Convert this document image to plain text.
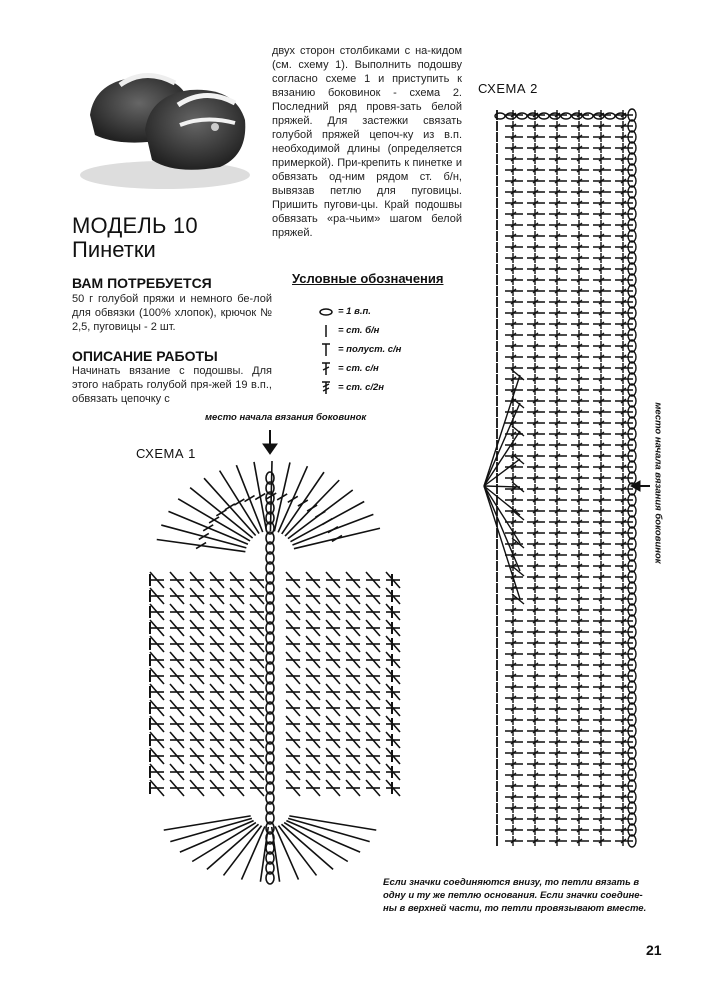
МОДЕЛЬ 10
Пинетки
двух сторон столбиками с на-кидом (см. схему 1). Выполнить подошву согласно схеме 1 и приступить к вязанию боковинок - схема 2. Последний ряд провя-зать белой пряжей. Для застежки связать голубой пряжей цепоч-ку из в.п. необходимой длины (определяется примеркой). При-крепить к пинетке и обвязать од-ним рядом ст. б/н, вывязав петлю для пуговицы. Пришить пугови-цы. Край подошвы обвязать «ра-чьим» шагом белой пряжей.
ВАМ ПОТРЕБУЕТСЯ
50 г голубой пряжи и немного бе-лой для обвязки (100% хлопок), крючок № 2,5, пуговицы - 2 шт.
ОПИСАНИЕ РАБОТЫ
Начинать вязание с подошвы. Для этого набрать голубой пря-жей 19 в.п., обвязать цепочку с
Условные обозначения
= 1 в.п.
= ст. б/н
= полуст. с/н
= ст. с/н
= ст. с/2н
место начала вязания боковинок
СХЕМА 1
СХЕМА 2
место начала вязания боковинок
Если значки соединяются внизу, то петли вязать в одну и ту же петлю основания. Если значки соедине-ны в верхней части, то петли провязывают вместе.
21
